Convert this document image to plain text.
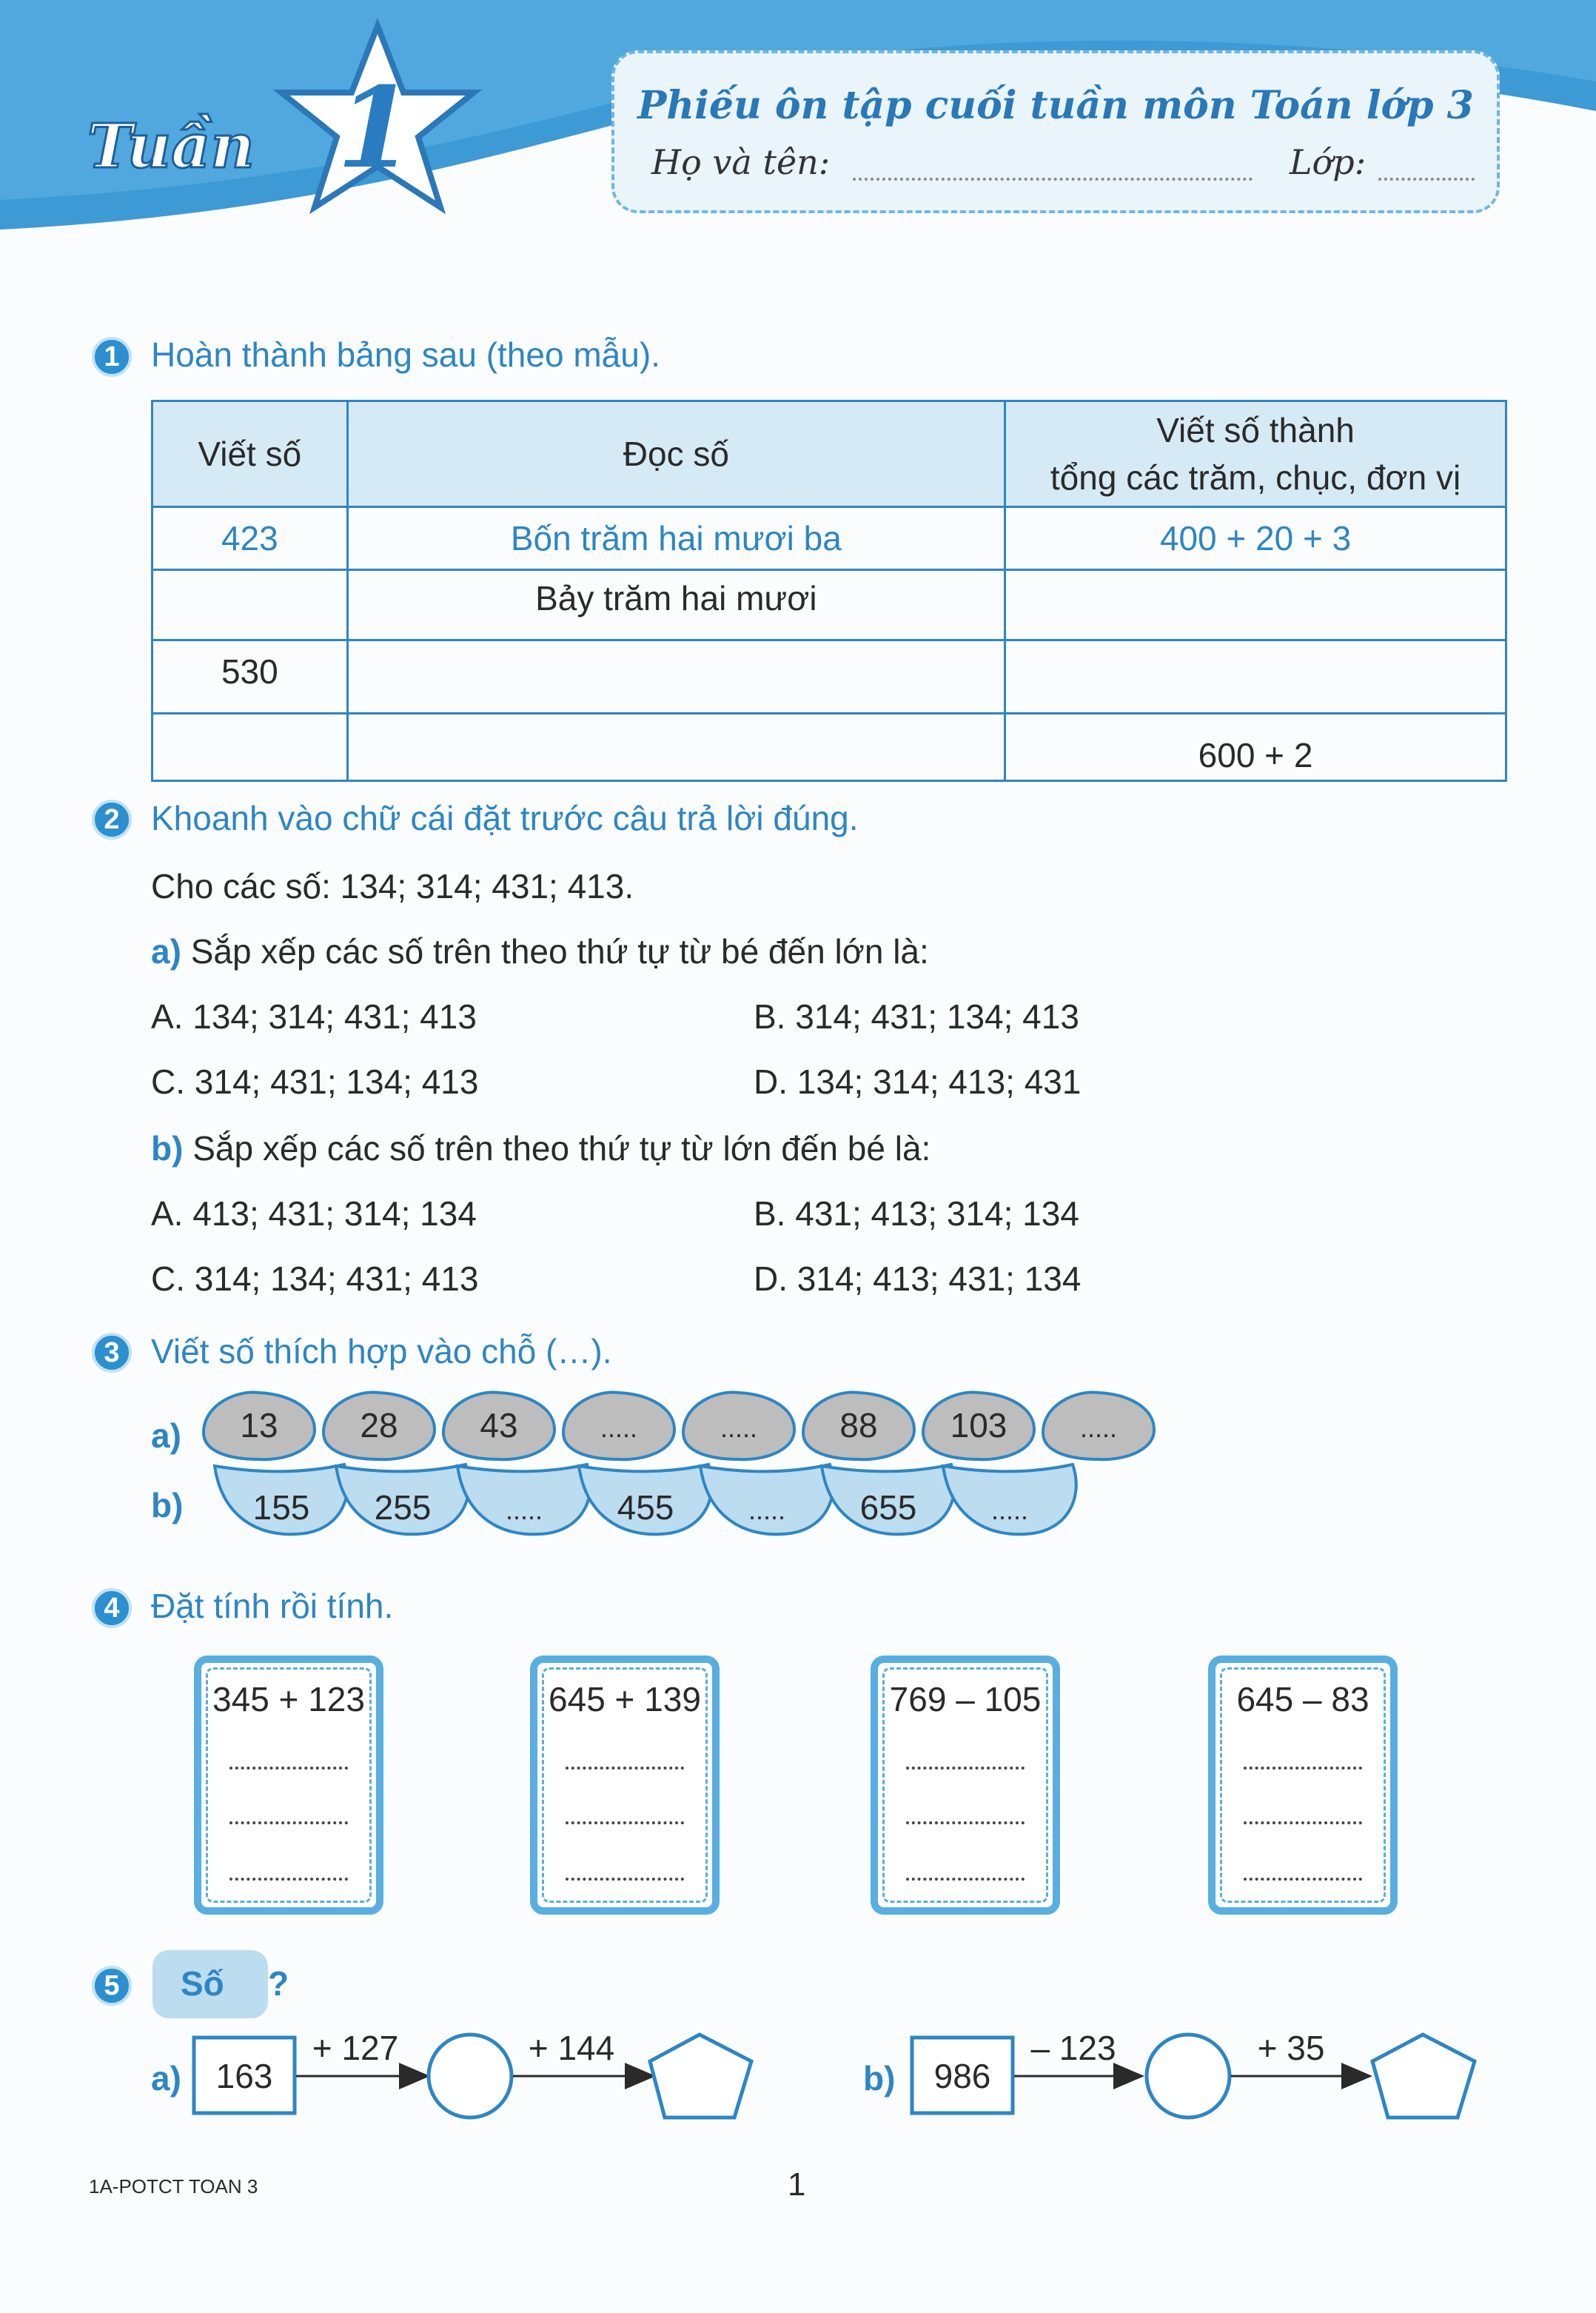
1
Tuần
Phiếu ôn tập cuối tuần môn Toán lớp 3
Họ và tên:	Lớp:
1 Hoàn thành bảng sau (theo mẫu).
Viết số	Đọc số	Viết số thành
tổng các trăm, chục, đơn vị

423	Bốn trăm hai mươi ba	400 + 20 + 3
	Bảy trăm hai mươi	
530		
		600 + 2
2 Khoanh vào chữ cái đặt trước câu trả lời đúng.
Cho các số: 134; 314; 431; 413.
a) Sắp xếp các số trên theo thứ tự từ bé đến lớn là:
A. 134; 314; 431; 413	B. 314; 431; 134; 413
C. 314; 431; 134; 413	D. 134; 314; 413; 431
b) Sắp xếp các số trên theo thứ tự từ lớn đến bé là:
A. 413; 431; 314; 134	B. 431; 413; 314; 134
C. 314; 134; 431; 413	D. 314; 413; 431; 134
3 Viết số thích hợp vào chỗ (…).
a)
b)
13 28 43	.....	..... 88 103	.....
155 255	..... 455	..... 655	.....
4 Đặt tính rồi tính.
345 + 123	645 + 139	769 – 105	645 – 83
5	Số ?
a)	b)
163
+ 127	+ 144
986
– 123	+ 35
1A-POTCT TOAN 3	1
